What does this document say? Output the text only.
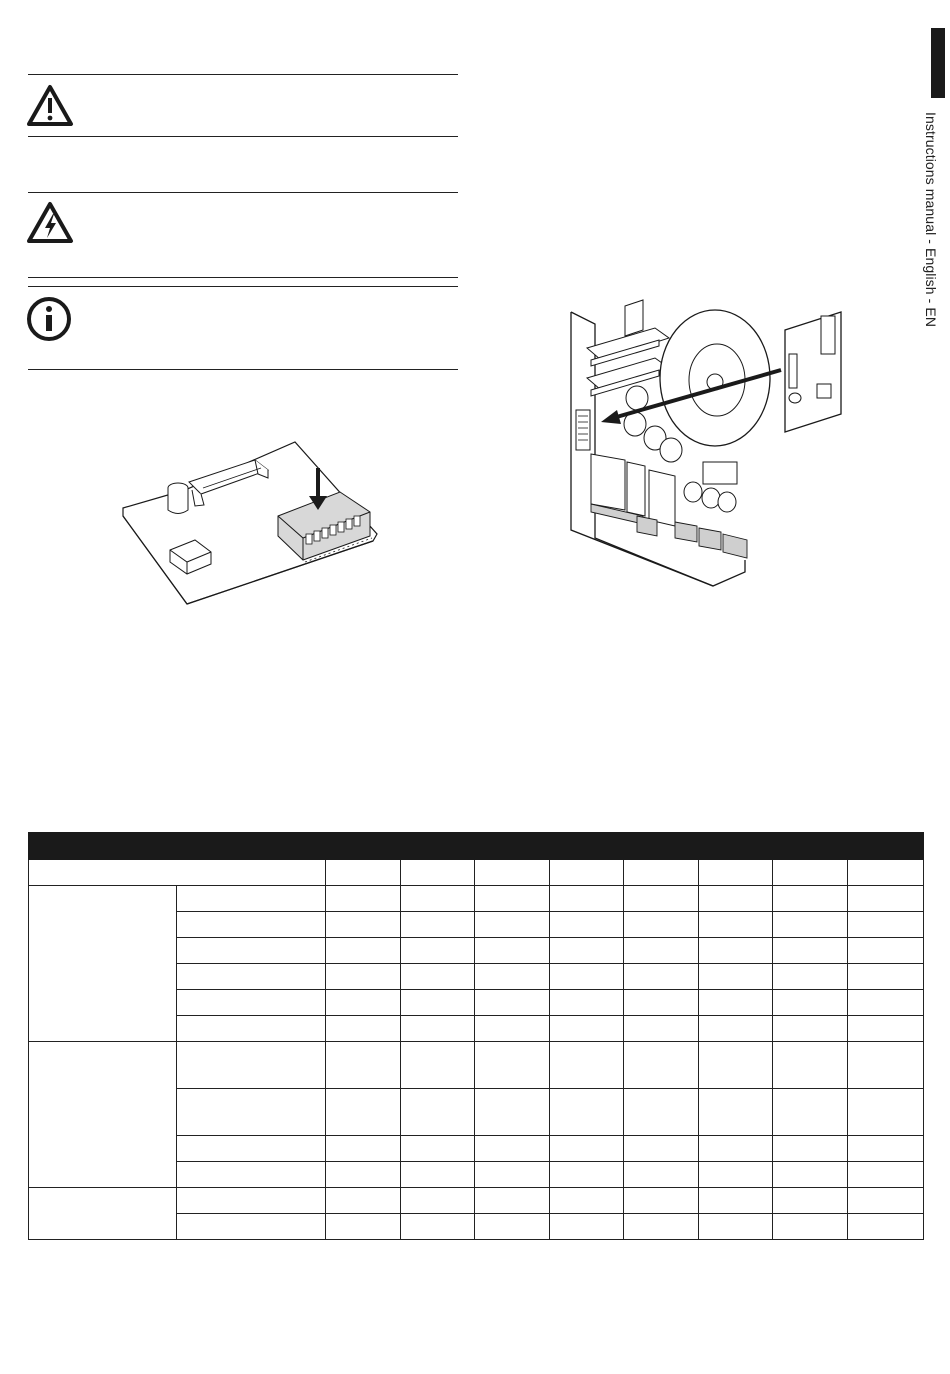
Instructions manual - English - EN
